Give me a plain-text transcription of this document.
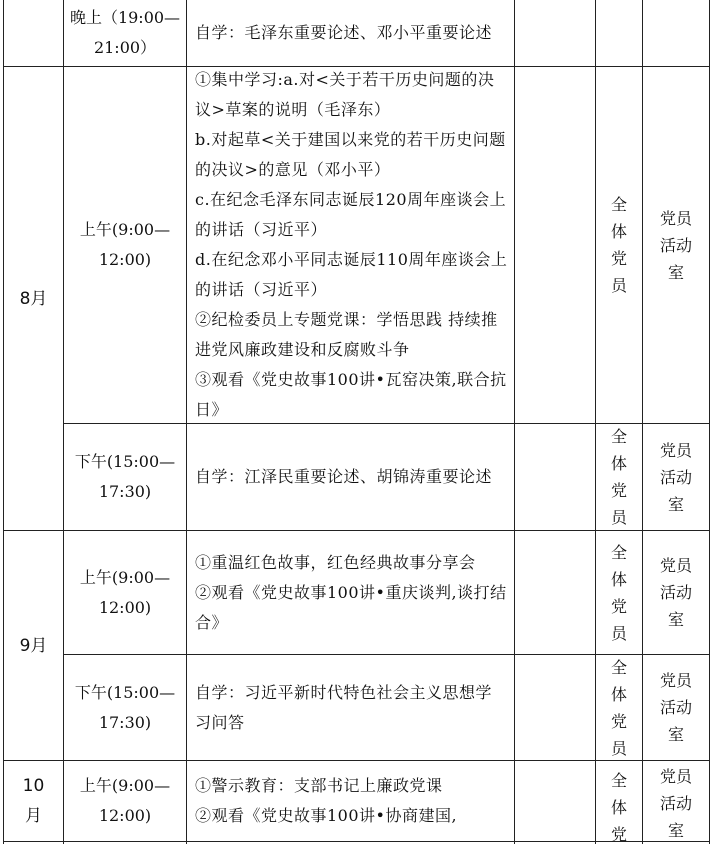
晚上（19:00—21:00）
自学：毛泽东重要论述、邓小平重要论述
8月
上午(9:00—12:00)
①集中学习:a.对<关于若干历史问题的决议>草案的说明（毛泽东）
b.对起草<关于建国以来党的若干历史问题的决议>的意见（邓小平）
c.在纪念毛泽东同志诞辰120周年座谈会上的讲话（习近平）
d.在纪念邓小平同志诞辰110周年座谈会上的讲话（习近平）
②纪检委员上专题党课：学悟思践 持续推进党风廉政建设和反腐败斗争
③观看《党史故事100讲•瓦窑决策,联合抗日》
全体党员
党员活动室
下午(15:00—17:30)
自学：江泽民重要论述、胡锦涛重要论述
全体党员
党员活动室
9月
上午(9:00—12:00)
①重温红色故事，红色经典故事分享会
②观看《党史故事100讲•重庆谈判,谈打结合》
全体党员
党员活动室
下午(15:00—17:30)
自学：习近平新时代特色社会主义思想学习问答
全体党员
党员活动室
10月
上午(9:00—12:00)
①警示教育：支部书记上廉政党课
②观看《党史故事100讲•协商建国,
全体党
党员活动室
